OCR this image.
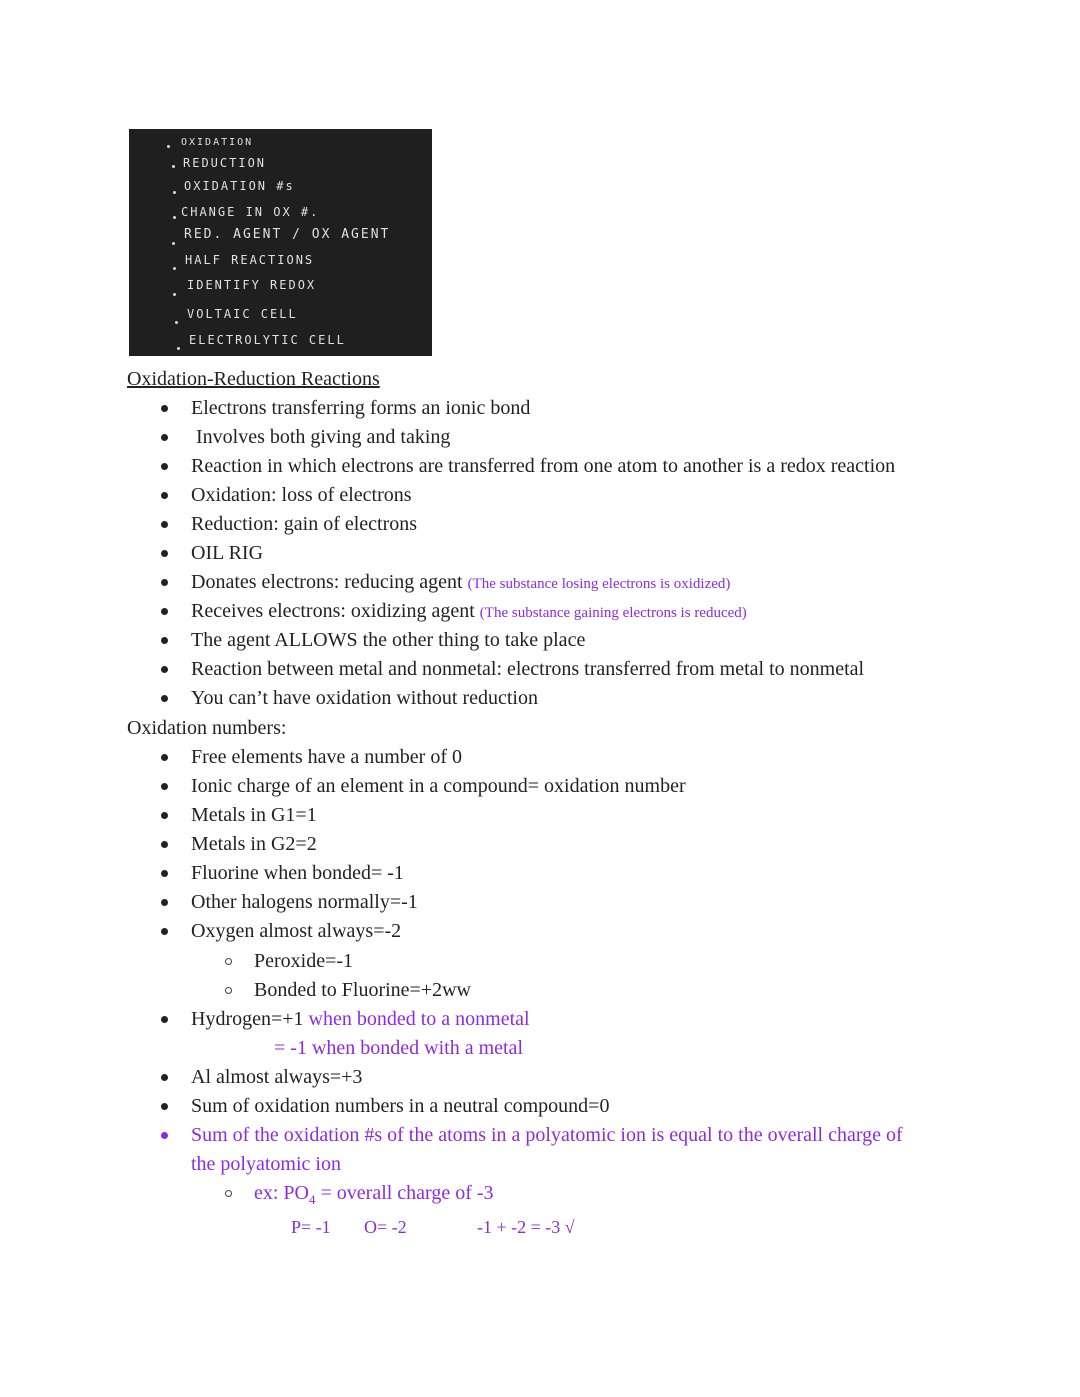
OXIDATION
REDUCTION
OXIDATION #s
CHANGE IN OX #.
RED. AGENT / OX AGENT
HALF REACTIONS
IDENTIFY REDOX
VOLTAIC CELL
ELECTROLYTIC CELL
Oxidation-Reduction Reactions
Electrons transferring forms an ionic bond
Involves both giving and taking
Reaction in which electrons are transferred from one atom to another is a redox reaction
Oxidation: loss of electrons
Reduction: gain of electrons
OIL RIG
Donates electrons: reducing agent (The substance losing electrons is oxidized)
Receives electrons: oxidizing agent (The substance gaining electrons is reduced)
The agent ALLOWS the other thing to take place
Reaction between metal and nonmetal: electrons transferred from metal to nonmetal
You can’t have oxidation without reduction
Oxidation numbers:
Free elements have a number of 0
Ionic charge of an element in a compound= oxidation number
Metals in G1=1
Metals in G2=2
Fluorine when bonded= -1
Other halogens normally=-1
Oxygen almost always=-2
Peroxide=-1
Bonded to Fluorine=+2ww
Hydrogen=+1 when bonded to a nonmetal
= -1 when bonded with a metal
Al almost always=+3
Sum of oxidation numbers in a neutral compound=0
Sum of the oxidation #s of the atoms in a polyatomic ion is equal to the overall charge of
the polyatomic ion
ex: $PO_4$ = overall charge of -3
P= -1 O= -2	-1 + -2 = -3 √
